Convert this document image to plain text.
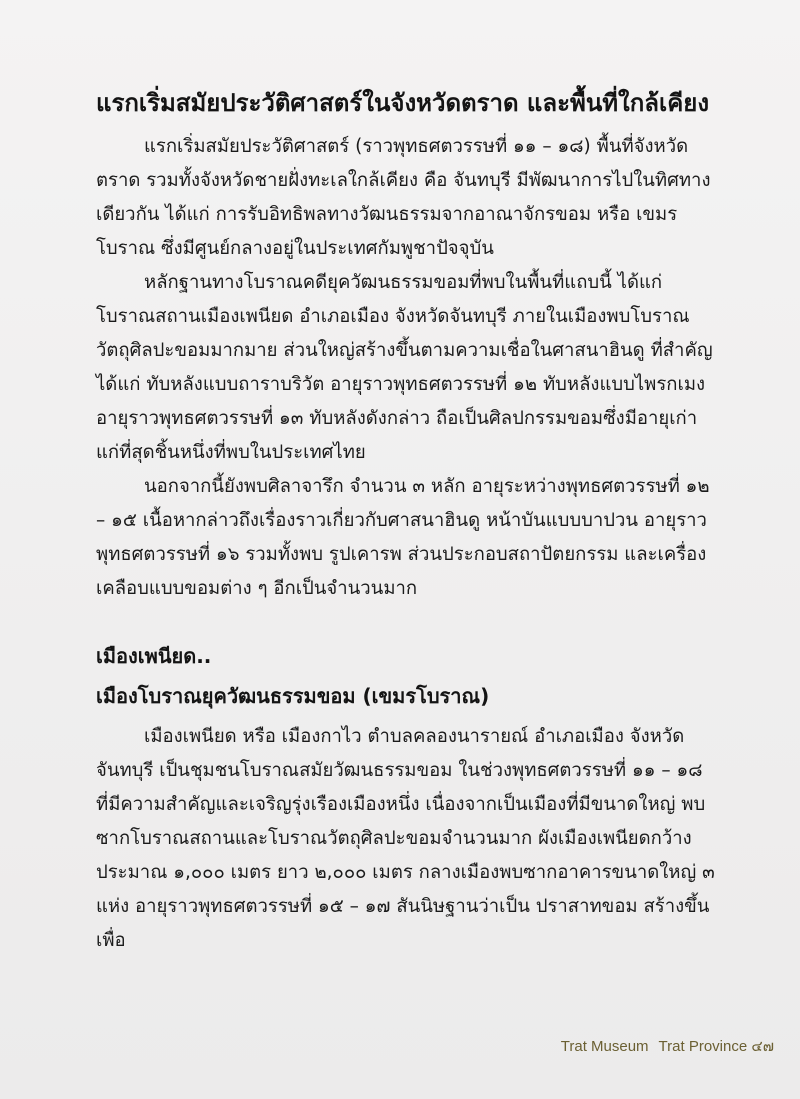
แรกเริ่มสมัยประวัติศาสตร์ในจังหวัดตราด และพื้นที่ใกล้เคียง

แรกเริ่มสมัยประวัติศาสตร์ (ราวพุทธศตวรรษที่ ๑๑ – ๑๘) พื้นที่จังหวัดตราด รวมทั้งจังหวัดชายฝั่งทะเลใกล้เคียง คือ จันทบุรี มีพัฒนาการไปในทิศทางเดียวกัน ได้แก่ การรับอิทธิพลทางวัฒนธรรมจากอาณาจักรขอม หรือ เขมรโบราณ ซึ่งมีศูนย์กลางอยู่ในประเทศกัมพูชาปัจจุบัน

หลักฐานทางโบราณคดียุควัฒนธรรมขอมที่พบในพื้นที่แถบนี้ ได้แก่ โบราณสถานเมืองเพนียด อำเภอเมือง จังหวัดจันทบุรี ภายในเมืองพบโบราณวัตถุศิลปะขอมมากมาย ส่วนใหญ่สร้างขึ้นตามความเชื่อในศาสนาฮินดู ที่สำคัญ ได้แก่ ทับหลังแบบถาราบริวัต อายุราวพุทธศตวรรษที่ ๑๒ ทับหลังแบบไพรกเมง อายุราวพุทธศตวรรษที่ ๑๓ ทับหลังดังกล่าว ถือเป็นศิลปกรรมขอมซึ่งมีอายุเก่าแก่ที่สุดชิ้นหนึ่งที่พบในประเทศไทย

นอกจากนี้ยังพบศิลาจารึก จำนวน ๓ หลัก อายุระหว่างพุทธศตวรรษที่ ๑๒ – ๑๕ เนื้อหากล่าวถึงเรื่องราวเกี่ยวกับศาสนาฮินดู หน้าบันแบบบาปวน อายุราวพุทธศตวรรษที่ ๑๖ รวมทั้งพบ รูปเคารพ ส่วนประกอบสถาปัตยกรรม และเครื่องเคลือบแบบขอมต่าง ๆ อีกเป็นจำนวนมาก

เมืองเพนียด..
เมืองโบราณยุควัฒนธรรมขอม (เขมรโบราณ)

เมืองเพนียด หรือ เมืองกาไว ตำบลคลองนารายณ์ อำเภอเมือง จังหวัดจันทบุรี เป็นชุมชนโบราณสมัยวัฒนธรรมขอม ในช่วงพุทธศตวรรษที่ ๑๑ – ๑๘ ที่มีความสำคัญและเจริญรุ่งเรืองเมืองหนึ่ง เนื่องจากเป็นเมืองที่มีขนาดใหญ่ พบซากโบราณสถานและโบราณวัตถุศิลปะขอมจำนวนมาก ผังเมืองเพนียดกว้างประมาณ ๑,๐๐๐ เมตร ยาว ๒,๐๐๐ เมตร กลางเมืองพบซากอาคารขนาดใหญ่ ๓ แห่ง อายุราวพุทธศตวรรษที่ ๑๕ – ๑๗ สันนิษฐานว่าเป็น ปราสาทขอม สร้างขึ้นเพื่อ

Trat Museum Trat Province ๔๗
